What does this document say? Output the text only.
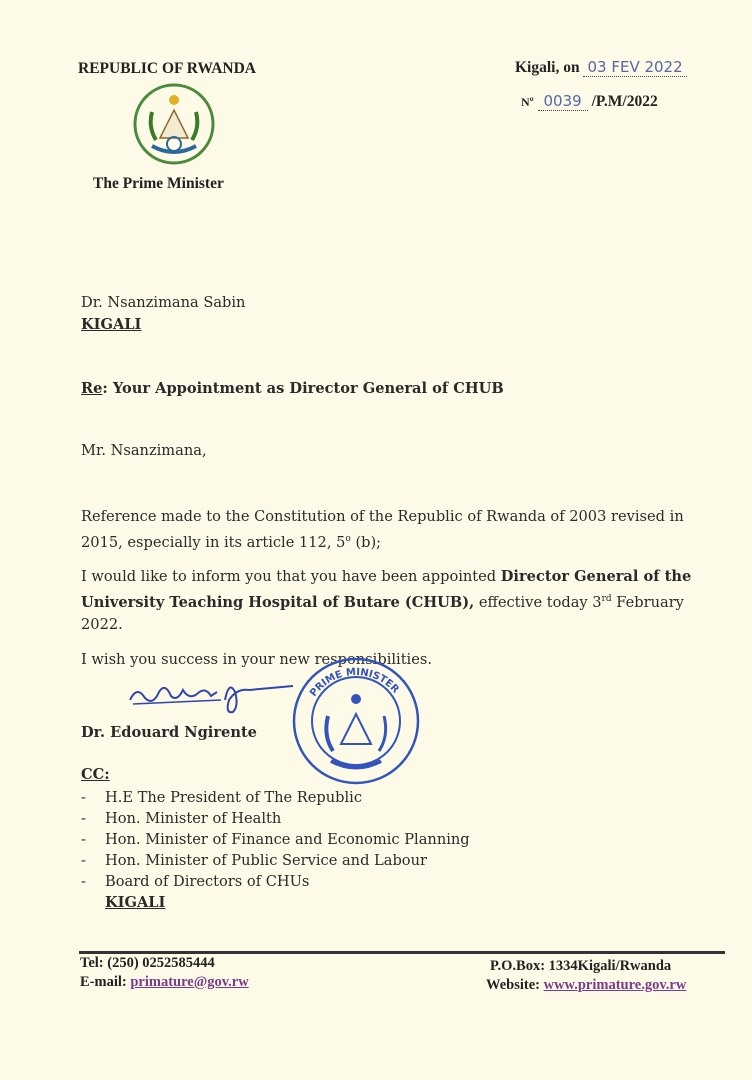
REPUBLIC OF RWANDA
The Prime Minister
Kigali, on 03 FEV 2022
Nº 0039 /P.M/2022
Dr. Nsanzimana Sabin
KIGALI
Re: Your Appointment as Director General of CHUB
Mr. Nsanzimana,

Reference made to the Constitution of the Republic of Rwanda of 2003 revised in 2015, especially in its article 112, 5$^o$ (b);

I would like to inform you that you have been appointed Director General of the University Teaching Hospital of Butare (CHUB), effective today 3rd February 2022.

I wish you success in your new responsibilities.

PRIME MINISTER
Dr. Edouard Ngirente
CC:
- H.E The President of The Republic
- Hon. Minister of Health
- Hon. Minister of Finance and Economic Planning
- Hon. Minister of Public Service and Labour
- Board of Directors of CHUs
KIGALI
Tel: (250) 0252585444
E-mail: primature@gov.rw
P.O.Box: 1334Kigali/Rwanda
Website: www.primature.gov.rw
